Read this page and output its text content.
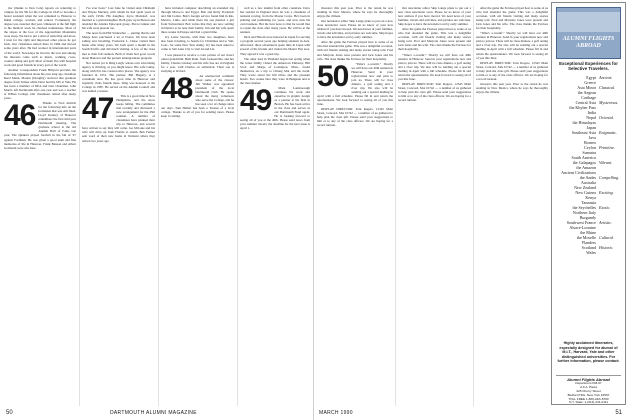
itor (thanks to Don Cole) reports on returning to campus for his 5th for the College in 1943 to become a hostel assistant when the war remained to Hanover to finish college, worked, and retired. Fortunately the degree was awarded that year. Unknown is the full fight to his medical work he checked tremendous. Most of the slopes at the foot of the Appalachian Mountains were steep. We had to put a stint of retrieving and more. I trust for the right and improved other places he got back. Our classmates retired there in 1984 and moved some years after. He had worked in international parts of the world. Nowadays he lived in the tour and among his interests come such as music, walking, cross-country skiing and golf. Most of them live with hospital work and good friends in every part of the world.

Another correspondent Frank Hillyard provides the following information about his own long ago classmate Reed Mann, Marion (Doughty) received that graduate degree from Tulane while Dave had his MS at Yale. He has been a member of DEA and later Chairman. John Morris left Dartmouth after one year and was a teacher at Wilkes College. Our classmates retired after many years.

46	Thanks to Fred Aldrich for the following info on the formation that was still fixed. Lloyd Kenney of Hanover remembers the first mid-year Dartmouth meeting. The graduate school at the old Alumni Hall of Fame last year. The Quakers played football in the fall of '47 against Fordham. He was given a good team and fine memories of life in Hanover. Frank Benson and Albert Goldstein were also here.

I've ever been." Last June he visited Ann Chisholm and Wayne Mackey, with whom he had spent years in the early 1950s. His daughter, Joyce Matzdorf, was married to a grand-daughter. Both grew up in Boston and attended the Atlanta Episcopal group. Pierce Ginner and his wife were present too.

The news from Phil Strubacher — putting that he and Marge have purchased a lot at Exeter. We have been sailing and travelling. Frederick L. Chase visited their home after many years. We both spent a month in the South Pacific and did much visiting. A few of the class met at their fall reunion. Both of them had good words about Hanover and the present undergraduate program.

Not retired yet is Ding Leigh, whose own advertising agency is thriving, as you might know. His wife Ginny, along with Pat, has created extra places. The agency was founded in 1951. His partner, Bill Hagerty, is a consultant now. He has good time in Hanover and regularly visits friends there. Ding was honored at the College in 1987. He served on the Alumni Council and was named a trustee.

47	This is a good time in New Hampshire, and the snow keeps falling. The committee met recently and discussed a new arrangement for the 45th reunion. A number of classmates have planned their trip to Hanover, and several have written to say they will come. Joe McLane and his wife will drive up from Florida to attend. Bob Fenner sent word of their new home in Vermont where they retired two years ago.

have included computer describing an extended trip through Morocco and Egypt. Bob and Rolly Frederick and Jim Colton. Bob's foreign service found him in Rio, Mexico, Lima, and while there his son married a girl from Switzerland. Bob writes that they are now settling in Denver to be near their family. Jim and his wife spent three weeks in Europe and had a grand time.

Ivy Lorne Stevens, with their two daughters, have also been traveling, to Seattle for Christmas and to Vail, Colo., for some New Year skiing. Ivy has been asked to come to Salt Lake City to visit Al and Liz.

I was pleased to receive a color picture of our class's oldest grandchild. Beth Roth, from Jacksonville, and her family. Charles Lindsay and his wife Sue are in England for a year, with Charles on sabbatical. Their son is studying at Oxford.

48	An unexpected comment about some of the classes: Jim Walker was appointed president of the local Dartmouth Club. He spoke about the many volunteers who serve the College, and he has seen a lot of change since our days. Tom Hallett has been a Trustee of a local college. Thanks to all of you for sending news. Please keep it coming.

well as a few alumni from other countries. Dave has resided in England since he was a classmate of national rowing, from the Master Corps. He's been in printing and publishing for years, and now runs his own business. But the best news is that he would like to rejoin the class after many years. He will be at the reunion.

Dick and Harold were honored in Japan for serving a program several years ago helping students in Asia. Afterward, three adventurers spent time in Japan with several of his friends and visited the Mount Fuji area. They agreed it was a great trip.

The other lead in Thailand began last spring when the Jones family visited the American Embassy. Bill Scott and Marge of Lexington, Mass., found themselves on a trip to Chiang Mai and the north. They wrote about the hill tribes and the pleasant hotels. Two weeks later they were in Bangkok and at the river market.

49	Mark Lonsborough continues his work and expertise in graphic design as a partner at his firm in Boston. He has been active in the class and serves as our Dartmouth Fund agent. He is looking forward to seeing all of you at the 40th. Please send news from your summer travels; the deadline for the next issue is April 1.

50	DARTMOUTH ALUMNI MAGAZINE

investors this past year. Prior to the return he was residing in New Mexico where he says he thoroughly enjoys the climate.

Our newsletter editor Skip Lange plans to put out a new class newsletter soon. Please let us know of your new address if you have moved. We need news of your families, travels and activities, and pictures are welcome. Skip hopes to have the newsletter out by early summer.

After the game the Ferrises played host to some of us who had attended the game. This was a delightful occasion, with old friends visiting and many stories being told. Fred and Marjorie Jones were present and Jack Jones and his wife. The class thanks the Ferrises for their hospitality.

50	"Time's a-wastin'." Shortly we will have our 40th reunion in Hanover. Send in your registrations now and plan to join us. There will be class dinners, a golf outing and a river trip. We also will be sending out a special mailing in April with a full schedule. Please fill in and return the questionnaire. We look forward to seeing all of you this June.

DISPLAY DIRECTOR: Tom Rogers, 12345 Main Street, Concord, MA 01742 — a number of us gathered to help plan the class gift. Please send your suggestions to him or to any of the class officers. We are hoping for a record turnout.

Our newsletter editor Skip Lange plans to put out a new class newsletter soon. Please let us know of your new address if you have moved. We need news of your families, travels and activities, and pictures are welcome. Skip hopes to have the newsletter out by early summer.

After the game the Ferrises played host to some of us who had attended the game. This was a delightful occasion, with old friends visiting and many stories being told. Fred and Marjorie Jones were present and Jack Jones and his wife. The class thanks the Ferrises for their hospitality.

"Time's a-wastin'." Shortly we will have our 40th reunion in Hanover. Send in your registrations now and plan to join us. There will be class dinners, a golf outing and a river trip. We also will be sending out a special mailing in April with a full schedule. Please fill in and return the questionnaire. We look forward to seeing all of you this June.

DISPLAY DIRECTOR: Tom Rogers, 12345 Main Street, Concord, MA 01742 — a number of us gathered to help plan the class gift. Please send your suggestions to him or to any of the class officers. We are hoping for a record turnout.

After the game the Ferrises played host to some of us who had attended the game. This was a delightful occasion, with old friends visiting and many stories being told. Fred and Marjorie Jones were present and Jack Jones and his wife. The class thanks the Ferrises for their hospitality.

"Time's a-wastin'." Shortly we will have our 40th reunion in Hanover. Send in your registrations now and plan to join us. There will be class dinners, a golf outing and a river trip. We also will be sending out a special mailing in April with a full schedule. Please fill in and return the questionnaire. We look forward to seeing all of you this June.

DISPLAY DIRECTOR: Tom Rogers, 12345 Main Street, Concord, MA 01742 — a number of us gathered to help plan the class gift. Please send your suggestions to him or to any of the class officers. We are hoping for a record turnout.

investors this past year. Prior to the return he was residing in New Mexico where he says he thoroughly enjoys the climate.

ALUMNI FLIGHTS ABROAD
Exceptional Experiences for Selective Travelers.
Egypt Ancient.
Greece
Asia Minor Classical.
the Aegean
Carthage
Central Asia Mysterious.
the Khyber Pass
India
Nepal Oriental.
the Himalayas
Japan
Southeast Asia Enigmatic.
Java
Borneo
Ceylon Primitive.
Sumatra
South America
the Galapagos Vibrant.
the Amazon
Ancient Civilizations
the Andes Compelling.
Australia
New Zealand
New Guinea Exciting.
Kenya
Tanzania
the Seychelles Exotic.
Northern Italy
Burgundy
Southwest France Artistic.
Alsace-Lorraine
the Rhine
the Moselle Cultural.
Flanders
Scotland Historic.
Wales
Highly acclaimed itineraries, especially designed for alumni of M.I.T., Harvard, Yale and other distinguished universities. For further information, please contact:
Alumni Flights Abroad
Department DM-67
A.F.A. Plaza
425 Cherry Street
Bedford Hills, New York 10507
TOLL FREE 1-800-AFA-8700
N.Y. State: 1-(914) 241-0111
MARCH 1990	51
